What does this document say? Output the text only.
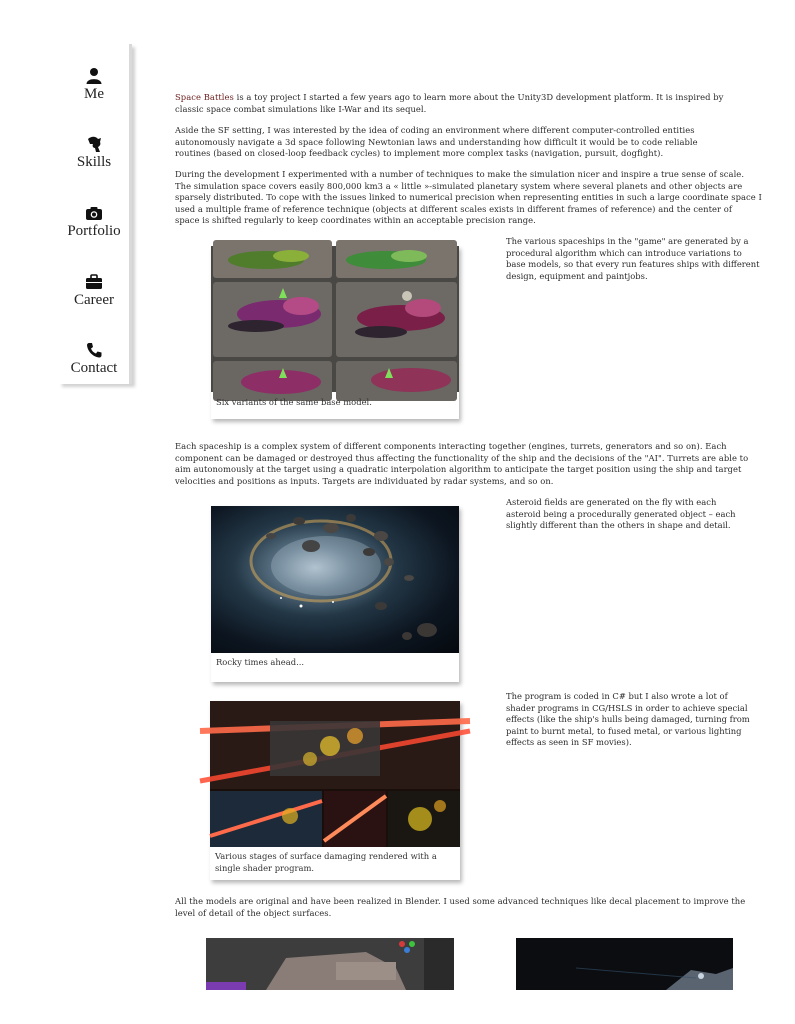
Me
Skills
Portfolio
Career
Contact
Space Battles is a toy project I started a few years ago to learn more about the Unity3D development platform. It is inspired by
classic space combat simulations like I-War and its sequel.
Aside the SF setting, I was interested by the idea of coding an environment where different computer-controlled entities
autonomously navigate a 3d space following Newtonian laws and understanding how difficult it would be to code reliable
routines (based on closed-loop feedback cycles) to implement more complex tasks (navigation, pursuit, dogfight).
During the development I experimented with a number of techniques to make the simulation nicer and inspire a true sense of scale.
The simulation space covers easily 800,000 km3 a « little »-simulated planetary system where several planets and other objects are
sparsely distributed. To cope with the issues linked to numerical precision when representing entities in such a large coordinate space I
used a multiple frame of reference technique (objects at different scales exists in different frames of reference) and the center of
space is shifted regularly to keep coordinates within an acceptable precision range.
The various spaceships in the "game" are generated by a
procedural algorithm which can introduce variations to
base models, so that every run features ships with different
design, equipment and paintjobs.
Six variants of the same base model.
Each spaceship is a complex system of different components interacting together (engines, turrets, generators and so on). Each
component can be damaged or destroyed thus affecting the functionality of the ship and the decisions of the "AI". Turrets are able to
aim autonomously at the target using a quadratic interpolation algorithm to anticipate the target position using the ship and target
velocities and positions as inputs. Targets are individuated by radar systems, and so on.
Asteroid fields are generated on the fly with each
asteroid being a procedurally generated object – each
slightly different than the others in shape and detail.
Rocky times ahead...
The program is coded in C# but I also wrote a lot of
shader programs in CG/HSLS in order to achieve special
effects (like the ship's hulls being damaged, turning from
paint to burnt metal, to fused metal, or various lighting
effects as seen in SF movies).
Various stages of surface damaging rendered with a
single shader program.
All the models are original and have been realized in Blender. I used some advanced techniques like decal placement to improve the
level of detail of the object surfaces.
